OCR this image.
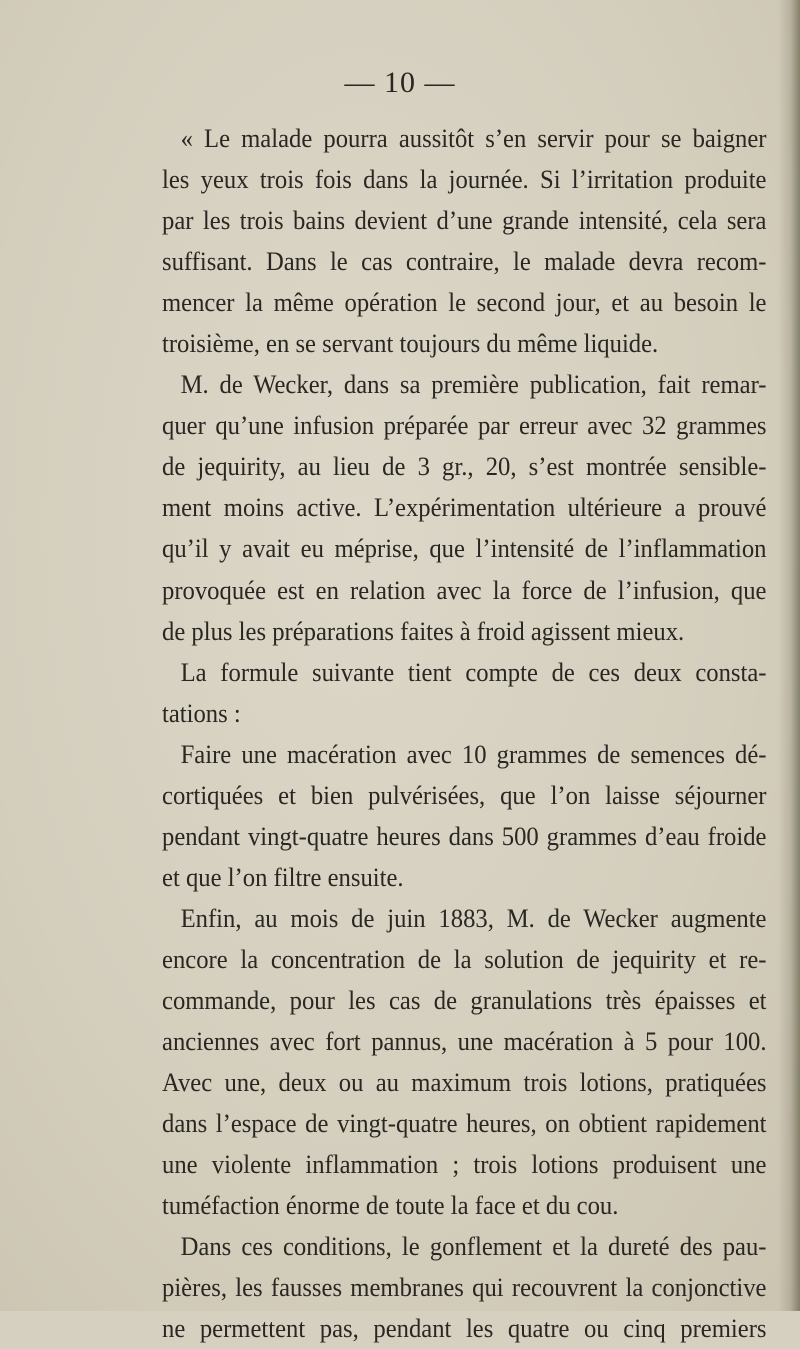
— 10 —
« Le malade pourra aussitôt s’en servir pour se baigner
les yeux trois fois dans la journée. Si l’irritation produite
par les trois bains devient d’une grande intensité, cela sera
suffisant. Dans le cas contraire, le malade devra recom-
mencer la même opération le second jour, et au besoin le
troisième, en se servant toujours du même liquide.
M. de Wecker, dans sa première publication, fait remar-
quer qu’une infusion préparée par erreur avec 32 grammes
de jequirity, au lieu de 3 gr., 20, s’est montrée sensible-
ment moins active. L’expérimentation ultérieure a prouvé
qu’il y avait eu méprise, que l’intensité de l’inflammation
provoquée est en relation avec la force de l’infusion, que
de plus les préparations faites à froid agissent mieux.
La formule suivante tient compte de ces deux consta-
tations :
Faire une macération avec 10 grammes de semences dé-
cortiquées et bien pulvérisées, que l’on laisse séjourner
pendant vingt-quatre heures dans 500 grammes d’eau froide
et que l’on filtre ensuite.
Enfin, au mois de juin 1883, M. de Wecker augmente
encore la concentration de la solution de jequirity et re-
commande, pour les cas de granulations très épaisses et
anciennes avec fort pannus, une macération à 5 pour 100.
Avec une, deux ou au maximum trois lotions, pratiquées
dans l’espace de vingt-quatre heures, on obtient rapidement
une violente inflammation ; trois lotions produisent une
tuméfaction énorme de toute la face et du cou.
Dans ces conditions, le gonflement et la dureté des pau-
pières, les fausses membranes qui recouvrent la conjonctive
ne permettent pas, pendant les quatre ou cinq premiers
